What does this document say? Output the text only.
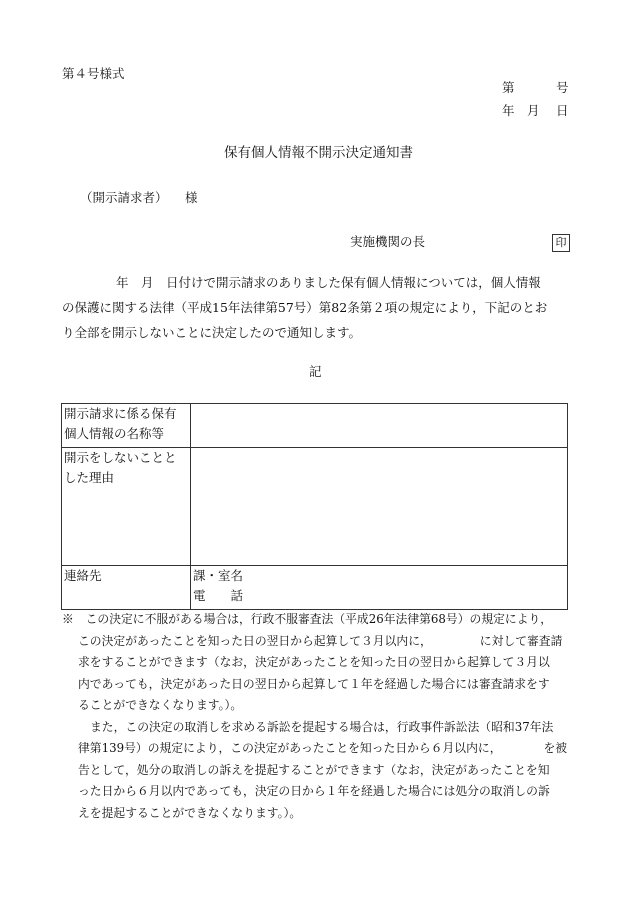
第４号様式
第	号
年 月 日
保有個人情報不開示決定通知書
（開示請求者） 様
実施機関の長	印
年　月　日付けで開示請求のありました保有個人情報については，個人情報
の保護に関する法律（平成15年法律第57号）第82条第２項の規定により，下記のとお
り全部を開示しないことに決定したので通知します。
記
開示請求に係る保有
個人情報の名称等	

開示をしないことと
した理由	

連絡先	課・室名
電　　話
※　この決定に不服がある場合は，行政不服審査法（平成26年法律第68号）の規定により，
この決定があったことを知った日の翌日から起算して３月以内に，	に対して審査請
求をすることができます（なお，決定があったことを知った日の翌日から起算して３月以
内であっても，決定があった日の翌日から起算して１年を経過した場合には審査請求をす
ることができなくなります。）。
また，この決定の取消しを求める訴訟を提起する場合は，行政事件訴訟法（昭和37年法
律第139号）の規定により，この決定があったことを知った日から６月以内に，	を被
告として，処分の取消しの訴えを提起することができます（なお，決定があったことを知
った日から６月以内であっても，決定の日から１年を経過した場合には処分の取消しの訴
えを提起することができなくなります。）。
